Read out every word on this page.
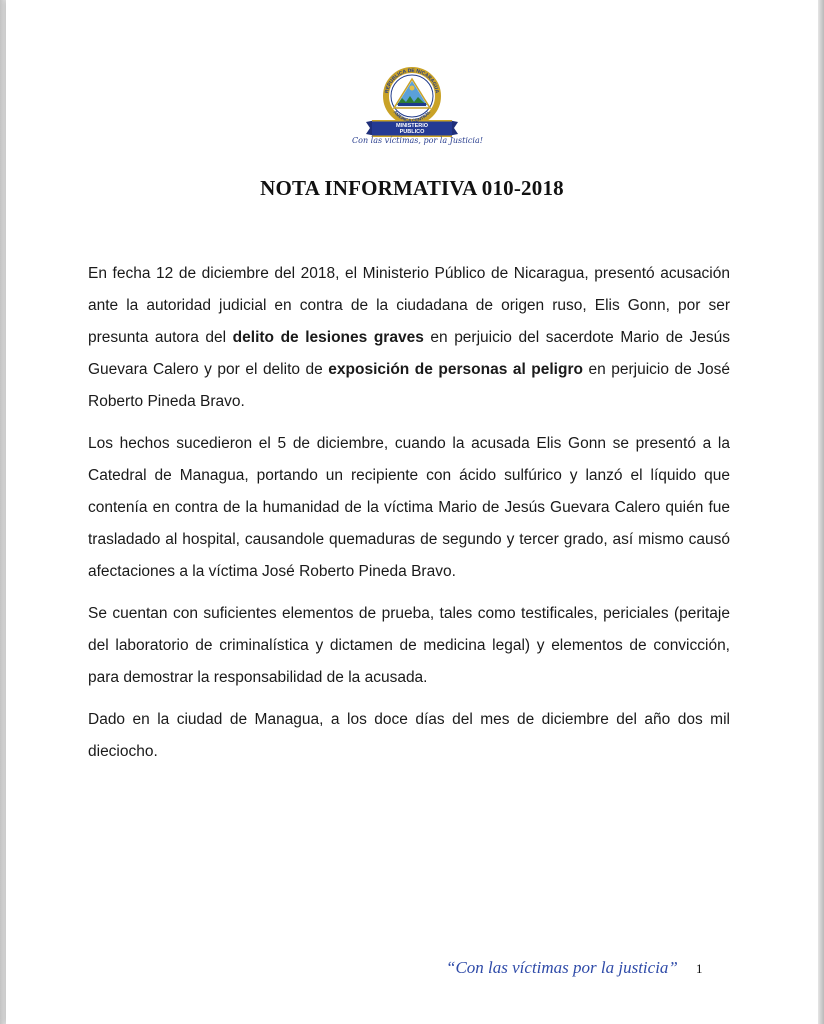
MINISTERIO
PUBLICO
REPUBLICA DE NICARAGUA
AMERICA CENTRAL
Con las víctimas, por la Justicia!
NOTA INFORMATIVA 010-2018

En fecha 12 de diciembre del 2018, el Ministerio Público de Nicaragua, presentó acusación ante la autoridad judicial en contra de la ciudadana de origen ruso, Elis Gonn, por ser presunta autora del delito de lesiones graves en perjuicio del sacerdote Mario de Jesús Guevara Calero y por el delito de exposición de personas al peligro en perjuicio de José Roberto Pineda Bravo.

Los hechos sucedieron el 5 de diciembre, cuando la acusada Elis Gonn se presentó a la Catedral de Managua, portando un recipiente con ácido sulfúrico y lanzó el líquido que contenía en contra de la humanidad de la víctima Mario de Jesús Guevara Calero quién fue trasladado al hospital, causandole quemaduras de segundo y tercer grado, así mismo causó afectaciones a la víctima José Roberto Pineda Bravo.

Se cuentan con suficientes elementos de prueba, tales como testificales, periciales (peritaje del laboratorio de criminalística y dictamen de medicina legal) y elementos de convicción, para demostrar la responsabilidad de la acusada.

Dado en la ciudad de Managua, a los doce días del mes de diciembre del año dos mil dieciocho.

“Con las víctimas por la justicia”	1
